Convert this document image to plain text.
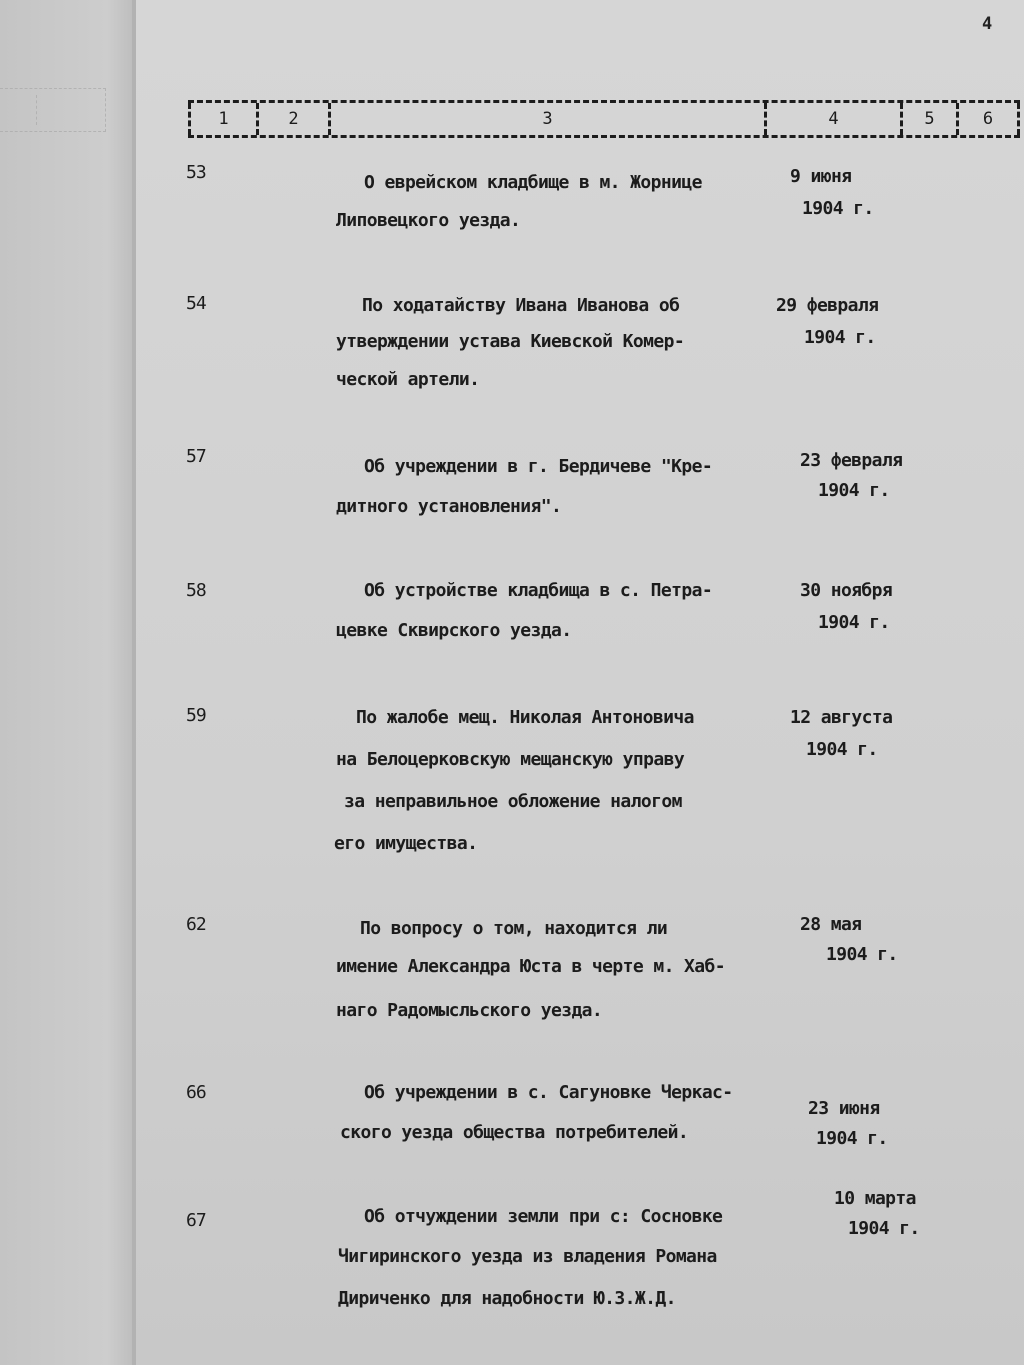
4
1	2	3	4	5	6
53	О еврейском кладбище в м. Жорнице
Липовецкого уезда.
9 июня
1904 г.
54	По ходатайству Ивана Иванова об
утверждении устава Киевской Комер-
ческой артели.
29 февраля
1904 г.
57	Об учреждении в г. Бердичеве "Кре-
дитного установления".
23 февраля
1904 г.
58	Об устройстве кладбища в с. Петра-
цевке Сквирского уезда.
30 ноября
1904 г.
59	По жалобе мещ. Николая Антоновича
на Белоцерковскую мещанскую управу
за неправильное обложение налогом
его имущества.
12 августа
1904 г.
62	По вопросу о том, находится ли
имение Александра Юста в черте м. Хаб-
наго Радомысльского уезда.
28 мая
1904 г.
66	Об учреждении в с. Сагуновке Черкас-
ского уезда общества потребителей.
23 июня
1904 г.
67	Об отчуждении земли при с: Сосновке
Чигиринского уезда из владения Романа
Дириченко для надобности Ю.З.Ж.Д.
10 марта
1904 г.
